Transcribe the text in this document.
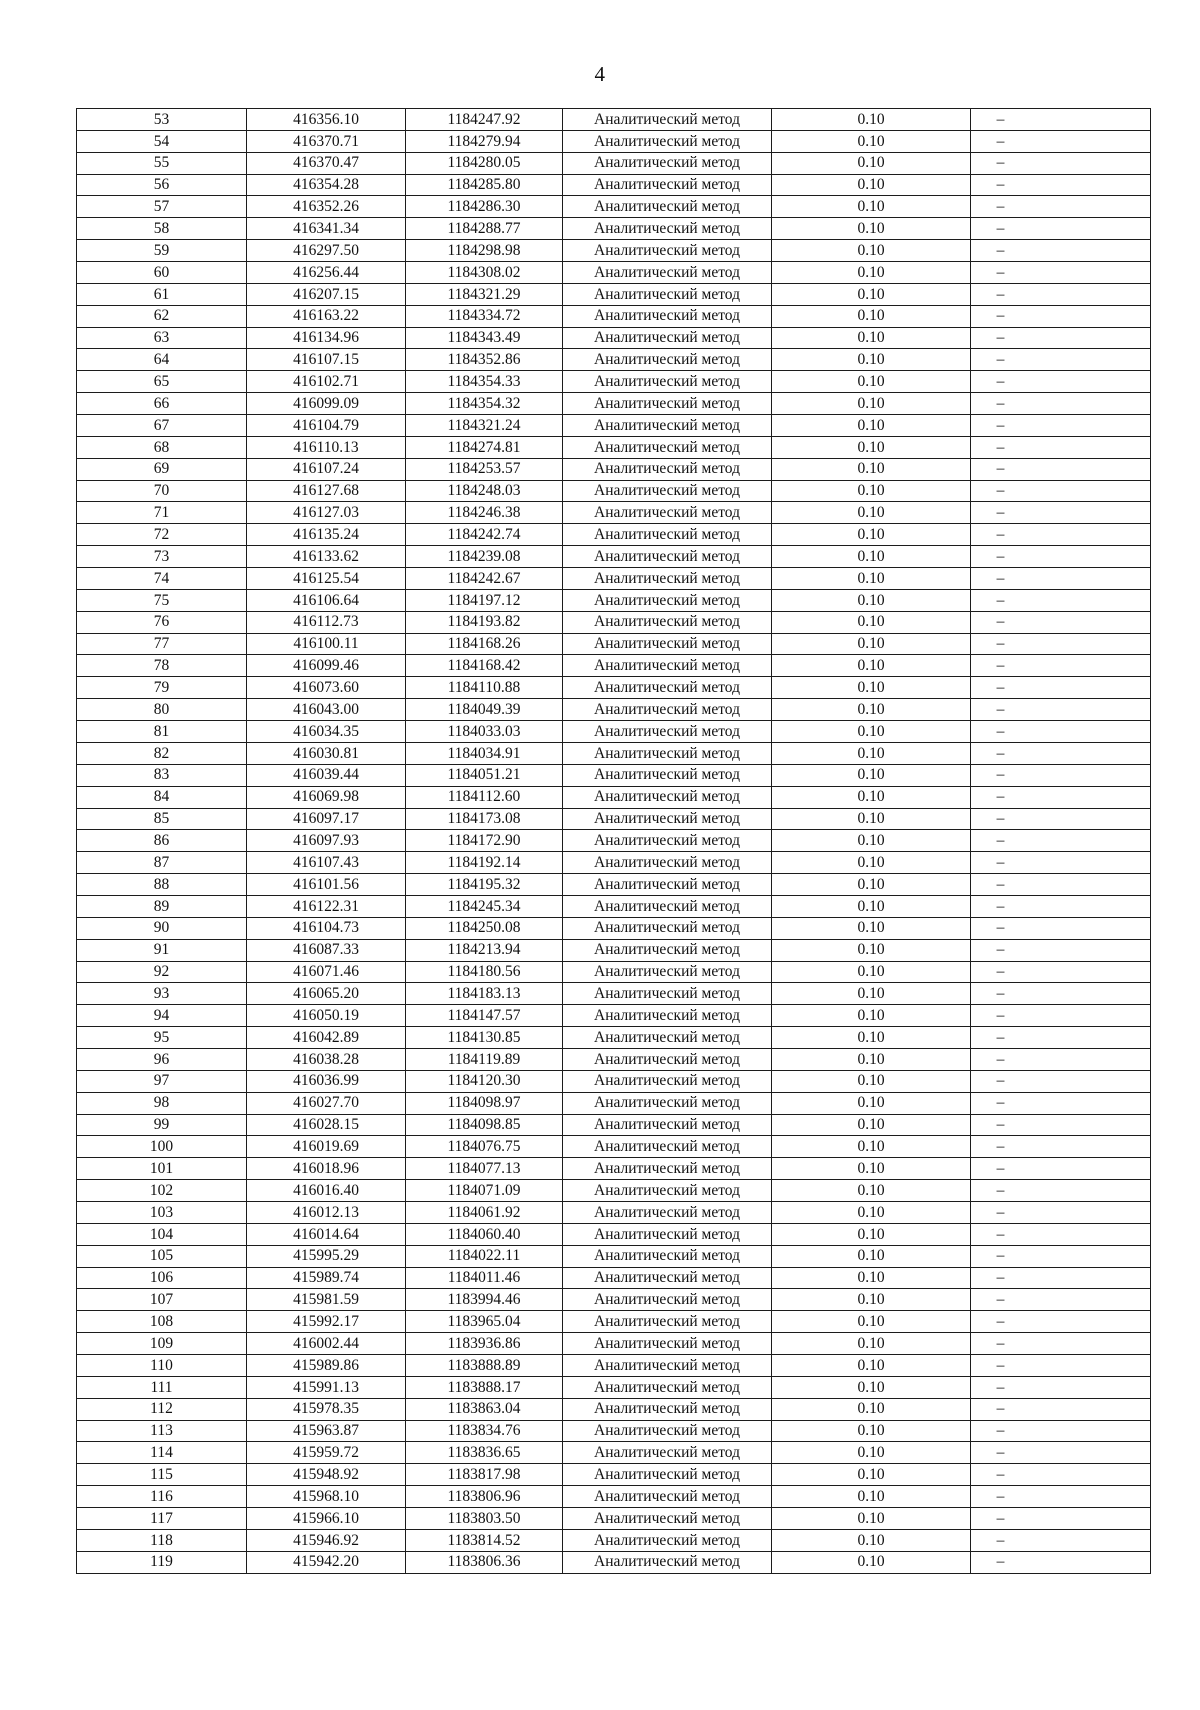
4
53	416356.10	1184247.92	Аналитический метод	0.10	–
54	416370.71	1184279.94	Аналитический метод	0.10	–
55	416370.47	1184280.05	Аналитический метод	0.10	–
56	416354.28	1184285.80	Аналитический метод	0.10	–
57	416352.26	1184286.30	Аналитический метод	0.10	–
58	416341.34	1184288.77	Аналитический метод	0.10	–
59	416297.50	1184298.98	Аналитический метод	0.10	–
60	416256.44	1184308.02	Аналитический метод	0.10	–
61	416207.15	1184321.29	Аналитический метод	0.10	–
62	416163.22	1184334.72	Аналитический метод	0.10	–
63	416134.96	1184343.49	Аналитический метод	0.10	–
64	416107.15	1184352.86	Аналитический метод	0.10	–
65	416102.71	1184354.33	Аналитический метод	0.10	–
66	416099.09	1184354.32	Аналитический метод	0.10	–
67	416104.79	1184321.24	Аналитический метод	0.10	–
68	416110.13	1184274.81	Аналитический метод	0.10	–
69	416107.24	1184253.57	Аналитический метод	0.10	–
70	416127.68	1184248.03	Аналитический метод	0.10	–
71	416127.03	1184246.38	Аналитический метод	0.10	–
72	416135.24	1184242.74	Аналитический метод	0.10	–
73	416133.62	1184239.08	Аналитический метод	0.10	–
74	416125.54	1184242.67	Аналитический метод	0.10	–
75	416106.64	1184197.12	Аналитический метод	0.10	–
76	416112.73	1184193.82	Аналитический метод	0.10	–
77	416100.11	1184168.26	Аналитический метод	0.10	–
78	416099.46	1184168.42	Аналитический метод	0.10	–
79	416073.60	1184110.88	Аналитический метод	0.10	–
80	416043.00	1184049.39	Аналитический метод	0.10	–
81	416034.35	1184033.03	Аналитический метод	0.10	–
82	416030.81	1184034.91	Аналитический метод	0.10	–
83	416039.44	1184051.21	Аналитический метод	0.10	–
84	416069.98	1184112.60	Аналитический метод	0.10	–
85	416097.17	1184173.08	Аналитический метод	0.10	–
86	416097.93	1184172.90	Аналитический метод	0.10	–
87	416107.43	1184192.14	Аналитический метод	0.10	–
88	416101.56	1184195.32	Аналитический метод	0.10	–
89	416122.31	1184245.34	Аналитический метод	0.10	–
90	416104.73	1184250.08	Аналитический метод	0.10	–
91	416087.33	1184213.94	Аналитический метод	0.10	–
92	416071.46	1184180.56	Аналитический метод	0.10	–
93	416065.20	1184183.13	Аналитический метод	0.10	–
94	416050.19	1184147.57	Аналитический метод	0.10	–
95	416042.89	1184130.85	Аналитический метод	0.10	–
96	416038.28	1184119.89	Аналитический метод	0.10	–
97	416036.99	1184120.30	Аналитический метод	0.10	–
98	416027.70	1184098.97	Аналитический метод	0.10	–
99	416028.15	1184098.85	Аналитический метод	0.10	–
100	416019.69	1184076.75	Аналитический метод	0.10	–
101	416018.96	1184077.13	Аналитический метод	0.10	–
102	416016.40	1184071.09	Аналитический метод	0.10	–
103	416012.13	1184061.92	Аналитический метод	0.10	–
104	416014.64	1184060.40	Аналитический метод	0.10	–
105	415995.29	1184022.11	Аналитический метод	0.10	–
106	415989.74	1184011.46	Аналитический метод	0.10	–
107	415981.59	1183994.46	Аналитический метод	0.10	–
108	415992.17	1183965.04	Аналитический метод	0.10	–
109	416002.44	1183936.86	Аналитический метод	0.10	–
110	415989.86	1183888.89	Аналитический метод	0.10	–
111	415991.13	1183888.17	Аналитический метод	0.10	–
112	415978.35	1183863.04	Аналитический метод	0.10	–
113	415963.87	1183834.76	Аналитический метод	0.10	–
114	415959.72	1183836.65	Аналитический метод	0.10	–
115	415948.92	1183817.98	Аналитический метод	0.10	–
116	415968.10	1183806.96	Аналитический метод	0.10	–
117	415966.10	1183803.50	Аналитический метод	0.10	–
118	415946.92	1183814.52	Аналитический метод	0.10	–
119	415942.20	1183806.36	Аналитический метод	0.10	–
